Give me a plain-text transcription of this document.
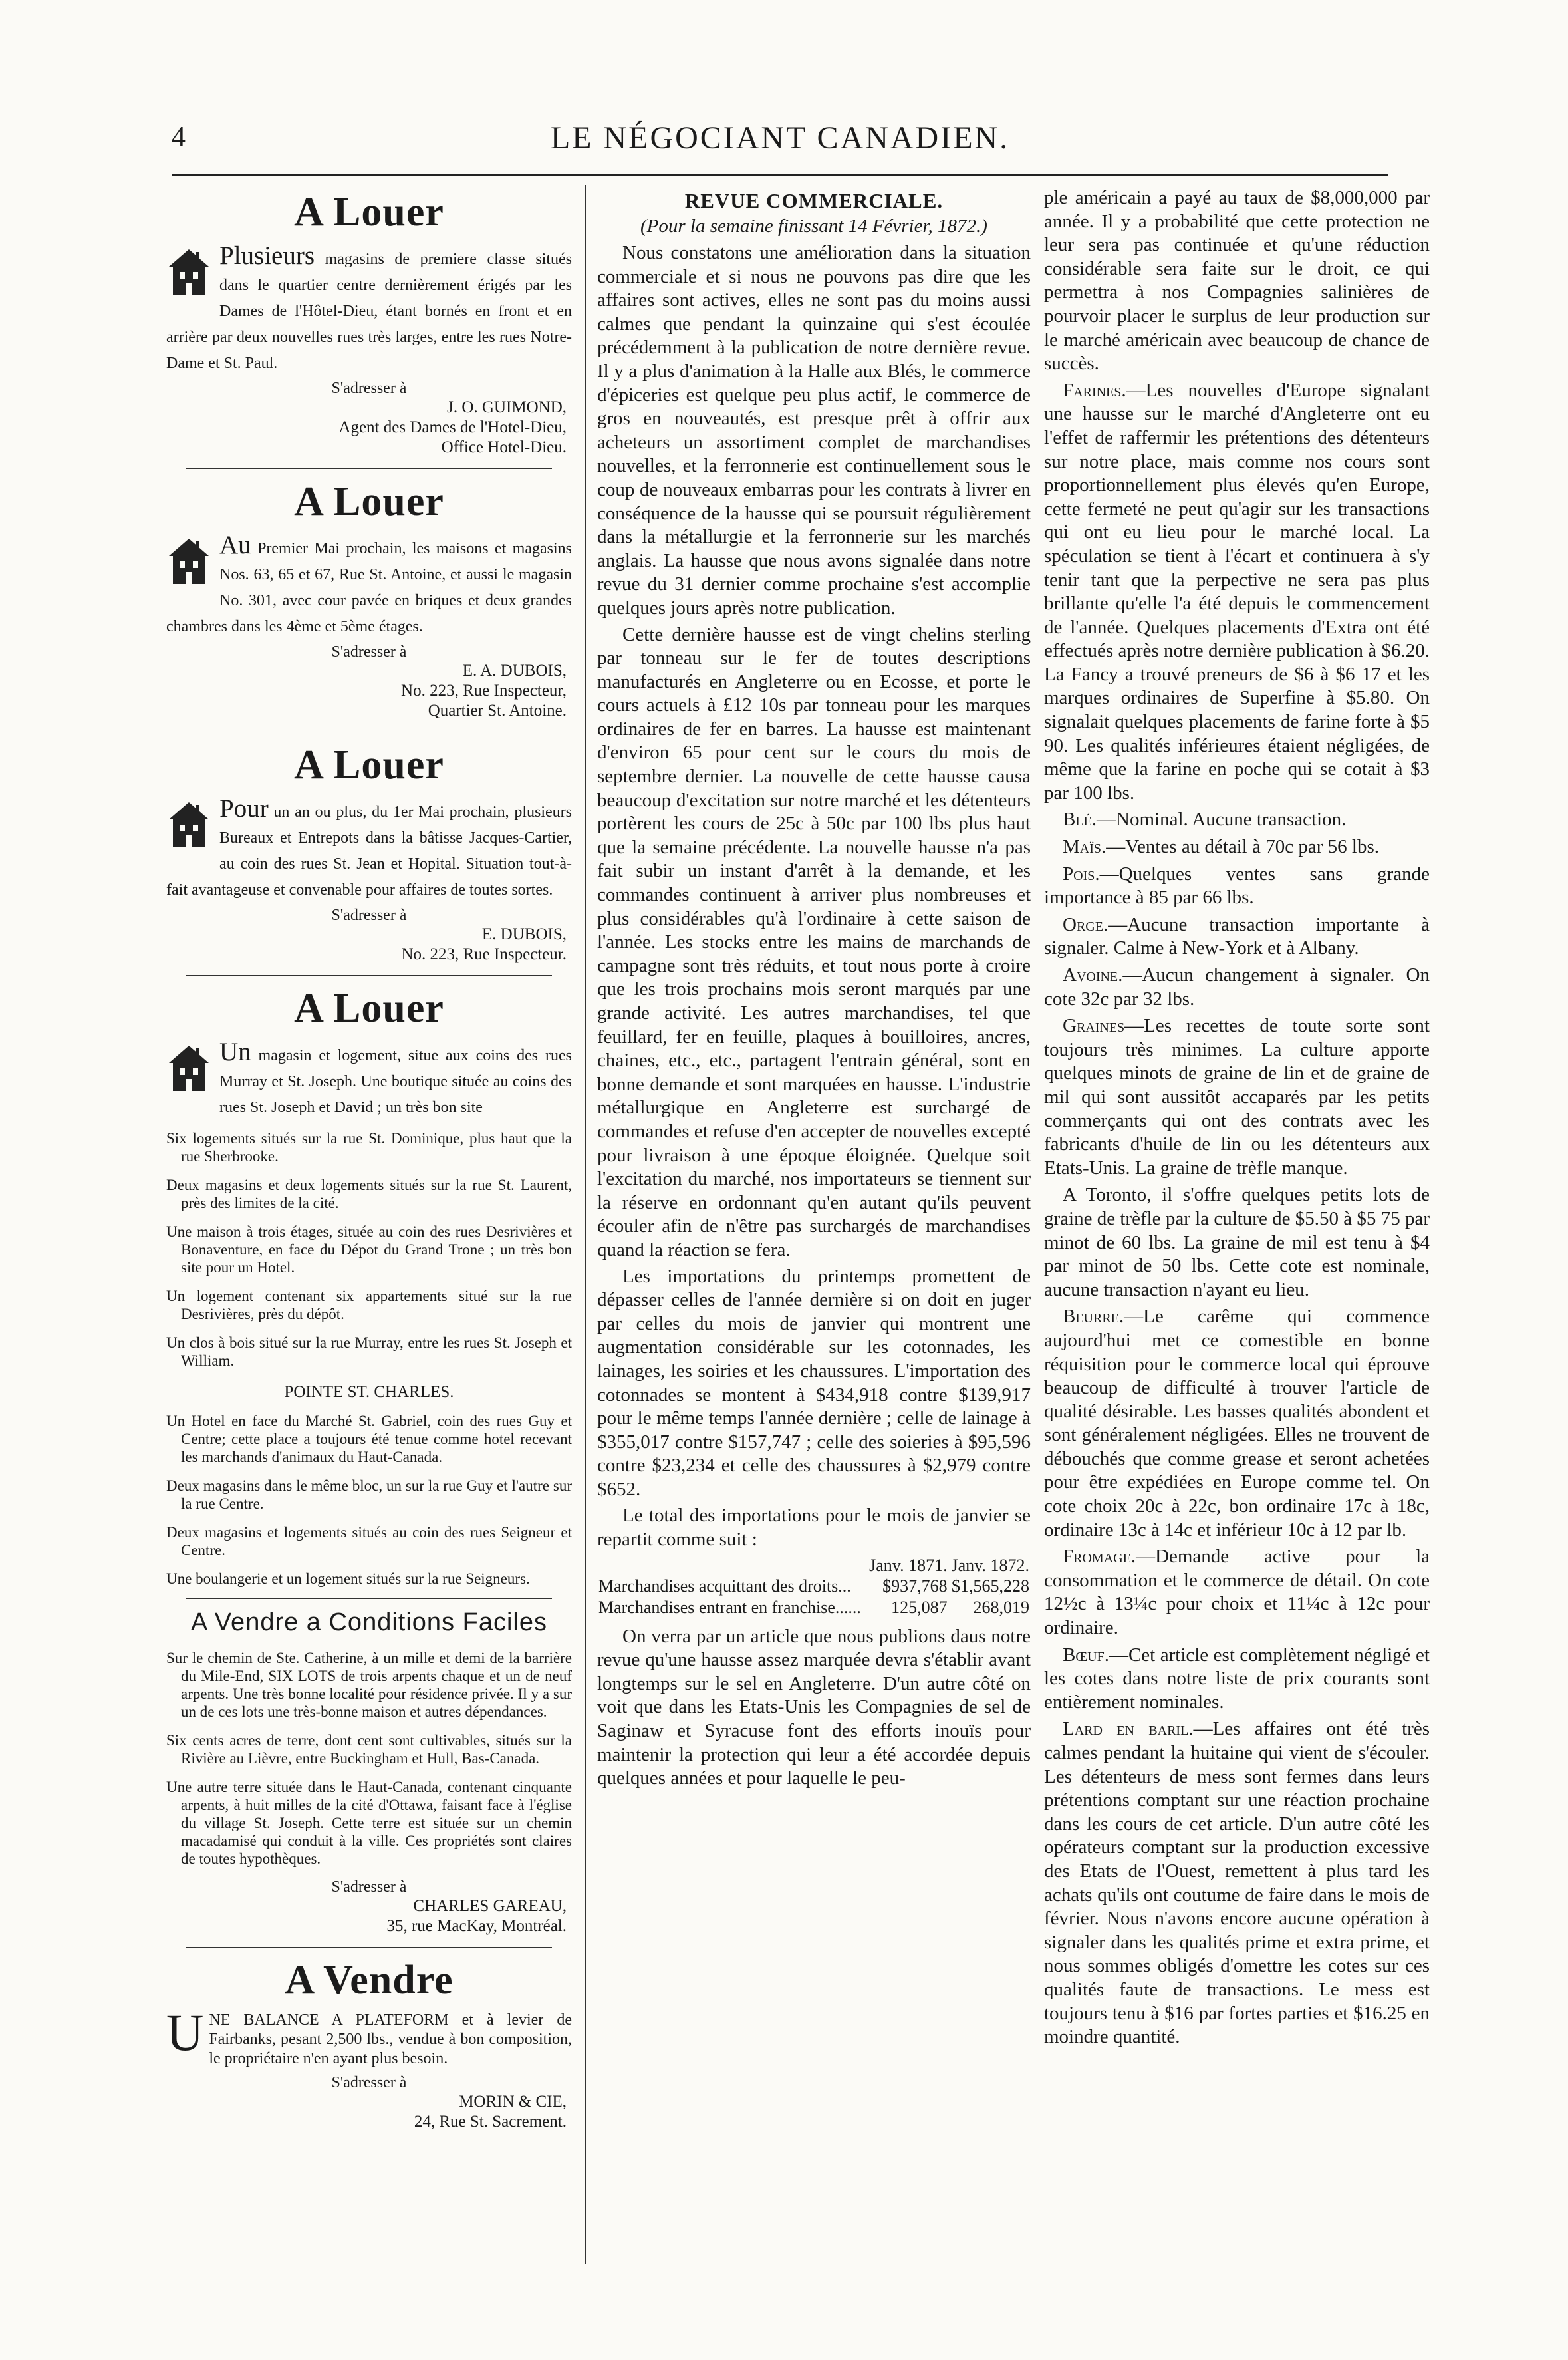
4	LE NÉGOCIANT CANADIEN.
A Louer
Plusieurs magasins de premiere classe situés dans le quartier centre dernièrement érigés par les Dames de l'Hôtel-Dieu, étant bornés en front et en arrière par deux nouvelles rues très larges, entre les rues Notre-Dame et St. Paul.
S'adresser à
J. O. GUIMOND,
Agent des Dames de l'Hotel-Dieu,
Office Hotel-Dieu.
A Louer
Au Premier Mai prochain, les maisons et magasins Nos. 63, 65 et 67, Rue St. Antoine, et aussi le magasin No. 301, avec cour pavée en briques et deux grandes chambres dans les 4ème et 5ème étages.
S'adresser à
E. A. DUBOIS,
No. 223, Rue Inspecteur,
Quartier St. Antoine.
A Louer
Pour un an ou plus, du 1er Mai prochain, plusieurs Bureaux et Entrepots dans la bâtisse Jacques-Cartier, au coin des rues St. Jean et Hopital. Situation tout-à-fait avantageuse et convenable pour affaires de toutes sortes.
S'adresser à
E. DUBOIS,
No. 223, Rue Inspecteur.
A Louer
Un magasin et logement, situe aux coins des rues Murray et St. Joseph. Une boutique située au coins des rues St. Joseph et David ; un très bon site
Six logements situés sur la rue St. Dominique, plus haut que la rue Sherbrooke.
Deux magasins et deux logements situés sur la rue St. Laurent, près des limites de la cité.
Une maison à trois étages, située au coin des rues Desrivières et Bonaventure, en face du Dépot du Grand Trone ; un très bon site pour un Hotel.
Un logement contenant six appartements situé sur la rue Desrivières, près du dépôt.
Un clos à bois situé sur la rue Murray, entre les rues St. Joseph et William.
POINTE ST. CHARLES.
Un Hotel en face du Marché St. Gabriel, coin des rues Guy et Centre; cette place a toujours été tenue comme hotel recevant les marchands d'animaux du Haut-Canada.
Deux magasins dans le même bloc, un sur la rue Guy et l'autre sur la rue Centre.
Deux magasins et logements situés au coin des rues Seigneur et Centre.
Une boulangerie et un logement situés sur la rue Seigneurs.
A Vendre a Conditions Faciles
Sur le chemin de Ste. Catherine, à un mille et demi de la barrière du Mile-End, SIX LOTS de trois arpents chaque et un de neuf arpents. Une très bonne localité pour résidence privée. Il y a sur un de ces lots une très-bonne maison et autres dépendances.
Six cents acres de terre, dont cent sont cultivables, situés sur la Rivière au Lièvre, entre Buckingham et Hull, Bas-Canada.
Une autre terre située dans le Haut-Canada, contenant cinquante arpents, à huit milles de la cité d'Ottawa, faisant face à l'église du village St. Joseph. Cette terre est située sur un chemin macadamisé qui conduit à la ville. Ces propriétés sont claires de toutes hypothèques.
S'adresser à
CHARLES GAREAU,
35, rue MacKay, Montréal.
A Vendre
UNE BALANCE A PLATEFORM et à levier de Fairbanks, pesant 2,500 lbs., vendue à bon composition, le propriétaire n'en ayant plus besoin.
S'adresser à
MORIN & CIE,
24, Rue St. Sacrement.
REVUE COMMERCIALE.
(Pour la semaine finissant 14 Février, 1872.)

Nous constatons une amélioration dans la situation commerciale et si nous ne pouvons pas dire que les affaires sont actives, elles ne sont pas du moins aussi calmes que pendant la quinzaine qui s'est écoulée précédemment à la publication de notre dernière revue. Il y a plus d'animation à la Halle aux Blés, le commerce d'épiceries est quelque peu plus actif, le commerce de gros en nouveautés, est presque prêt à offrir aux acheteurs un assortiment complet de marchandises nouvelles, et la ferronnerie est continuellement sous le coup de nouveaux embarras pour les contrats à livrer en conséquence de la hausse qui se poursuit régulièrement dans la métallurgie et la ferronnerie sur les marchés anglais. La hausse que nous avons signalée dans notre revue du 31 dernier comme prochaine s'est accomplie quelques jours après notre publication.

Cette dernière hausse est de vingt chelins sterling par tonneau sur le fer de toutes descriptions manufacturés en Angleterre ou en Ecosse, et porte le cours actuels à £12 10s par tonneau pour les marques ordinaires de fer en barres. La hausse est maintenant d'environ 65 pour cent sur le cours du mois de septembre dernier. La nouvelle de cette hausse causa beaucoup d'excitation sur notre marché et les détenteurs portèrent les cours de 25c à 50c par 100 lbs plus haut que la semaine précédente. La nouvelle hausse n'a pas fait subir un instant d'arrêt à la demande, et les commandes continuent à arriver plus nombreuses et plus considérables qu'à l'ordinaire à cette saison de l'année. Les stocks entre les mains de marchands de campagne sont très réduits, et tout nous porte à croire que les trois prochains mois seront marqués par une grande activité. Les autres marchandises, tel que feuillard, fer en feuille, plaques à bouilloires, ancres, chaines, etc., etc., partagent l'entrain général, sont en bonne demande et sont marquées en hausse. L'industrie métallurgique en Angleterre est surchargé de commandes et refuse d'en accepter de nouvelles excepté pour livraison à une époque éloignée. Quelque soit l'excitation du marché, nos importateurs se tiennent sur la réserve en ordonnant qu'en autant qu'ils peuvent écouler afin de n'être pas surchargés de marchandises quand la réaction se fera.

Les importations du printemps promettent de dépasser celles de l'année dernière si on doit en juger par celles du mois de janvier qui montrent une augmentation considérable sur les cotonnades, les lainages, les soiries et les chaussures. L'importation des cotonnades se montent à $434,918 contre $139,917 pour le même temps l'année dernière ; celle de lainage à $355,017 contre $157,747 ; celle des soieries à $95,596 contre $23,234 et celle des chaussures à $2,979 contre $652.

Le total des importations pour le mois de janvier se repartit comme suit :

	Janv. 1871.	Janv. 1872.
Marchandises acquittant des droits...	$937,768	$1,565,228
Marchandises entrant en franchise......	125,087	268,019

On verra par un article que nous publions daus notre revue qu'une hausse assez marquée devra s'établir avant longtemps sur le sel en Angleterre. D'un autre côté on voit que dans les Etats-Unis les Compagnies de sel de Saginaw et Syracuse font des efforts inouïs pour maintenir la protection qui leur a été accordée depuis quelques années et pour laquelle le peu-

ple américain a payé au taux de $8,000,000 par année. Il y a probabilité que cette protection ne leur sera pas continuée et qu'une réduction considérable sera faite sur le droit, ce qui permettra à nos Compagnies salinières de pourvoir placer le surplus de leur production sur le marché américain avec beaucoup de chance de succès.

Farines.—Les nouvelles d'Europe signalant une hausse sur le marché d'Angleterre ont eu l'effet de raffermir les prétentions des détenteurs sur notre place, mais comme nos cours sont proportionnellement plus élevés qu'en Europe, cette fermeté ne peut qu'agir sur les transactions qui ont eu lieu pour le marché local. La spéculation se tient à l'écart et continuera à s'y tenir tant que la perpective ne sera pas plus brillante qu'elle l'a été depuis le commencement de l'année. Quelques placements d'Extra ont été effectués après notre dernière publication à $6.20. La Fancy a trouvé preneurs de $6 à $6 17 et les marques ordinaires de Superfine à $5.80. On signalait quelques placements de farine forte à $5 90. Les qualités inférieures étaient négligées, de même que la farine en poche qui se cotait à $3 par 100 lbs.

Blé.—Nominal. Aucune transaction.

Maïs.—Ventes au détail à 70c par 56 lbs.

Pois.—Quelques ventes sans grande importance à 85 par 66 lbs.

Orge.—Aucune transaction importante à signaler. Calme à New-York et à Albany.

Avoine.—Aucun changement à signaler. On cote 32c par 32 lbs.

Graines—Les recettes de toute sorte sont toujours très minimes. La culture apporte quelques minots de graine de lin et de graine de mil qui sont aussitôt accaparés par les petits commerçants qui ont des contrats avec les fabricants d'huile de lin ou les détenteurs aux Etats-Unis. La graine de trèfle manque.

A Toronto, il s'offre quelques petits lots de graine de trèfle par la culture de $5.50 à $5 75 par minot de 60 lbs. La graine de mil est tenu à $4 par minot de 50 lbs. Cette cote est nominale, aucune transaction n'ayant eu lieu.

Beurre.—Le carême qui commence aujourd'hui met ce comestible en bonne réquisition pour le commerce local qui éprouve beaucoup de difficulté à trouver l'article de qualité désirable. Les basses qualités abondent et sont généralement négligées. Elles ne trouvent de débouchés que comme grease et seront achetées pour être expédiées en Europe comme tel. On cote choix 20c à 22c, bon ordinaire 17c à 18c, ordinaire 13c à 14c et inférieur 10c à 12 par lb.

Fromage.—Demande active pour la consommation et le commerce de détail. On cote 12½c à 13¼c pour choix et 11¼c à 12c pour ordinaire.

Bœuf.—Cet article est complètement négligé et les cotes dans notre liste de prix courants sont entièrement nominales.

Lard en baril.—Les affaires ont été très calmes pendant la huitaine qui vient de s'écouler. Les détenteurs de mess sont fermes dans leurs prétentions comptant sur une réaction prochaine dans les cours de cet article. D'un autre côté les opérateurs comptant sur la production excessive des Etats de l'Ouest, remettent à plus tard les achats qu'ils ont coutume de faire dans le mois de février. Nous n'avons encore aucune opération à signaler dans les qualités prime et extra prime, et nous sommes obligés d'omettre les cotes sur ces qualités faute de transactions. Le mess est toujours tenu à $16 par fortes parties et $16.25 en moindre quantité.
